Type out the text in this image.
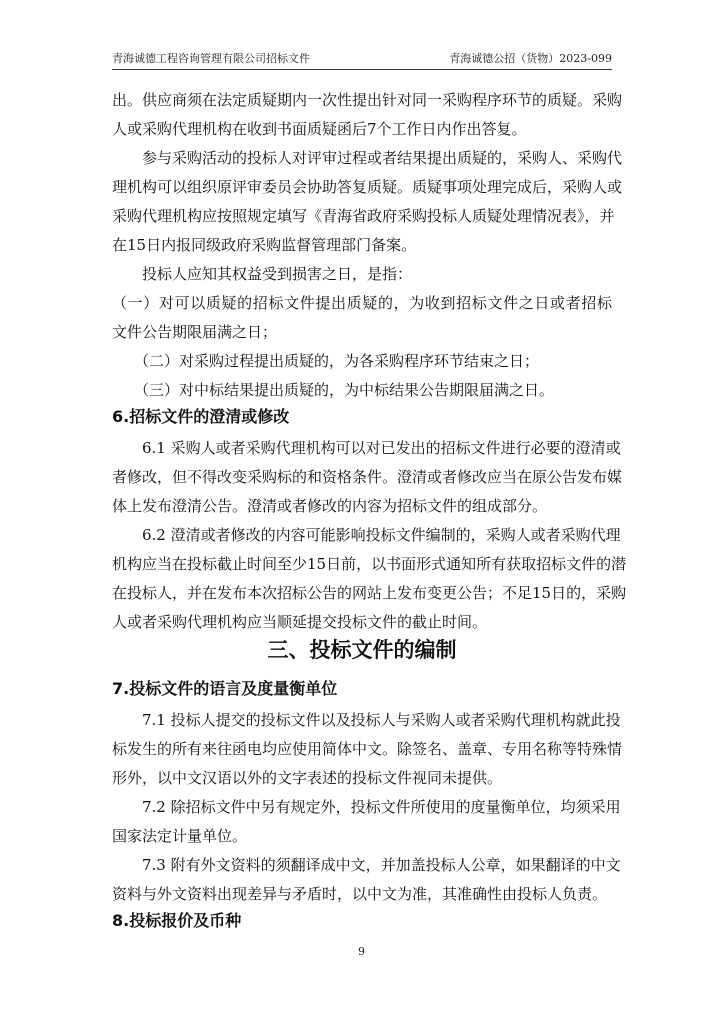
青海诚德工程咨询管理有限公司招标文件	青海诚德公招（货物）2023-099
出。供应商须在法定质疑期内一次性提出针对同一采购程序环节的质疑。采购
人或采购代理机构在收到书面质疑函后7个工作日内作出答复。
参与采购活动的投标人对评审过程或者结果提出质疑的，采购人、采购代
理机构可以组织原评审委员会协助答复质疑。质疑事项处理完成后，采购人或
采购代理机构应按照规定填写《青海省政府采购投标人质疑处理情况表》，并
在15日内报同级政府采购监督管理部门备案。
投标人应知其权益受到损害之日，是指：
（一）对可以质疑的招标文件提出质疑的，为收到招标文件之日或者招标
文件公告期限届满之日；
（二）对采购过程提出质疑的，为各采购程序环节结束之日；
（三）对中标结果提出质疑的，为中标结果公告期限届满之日。
6.招标文件的澄清或修改
6.1 采购人或者采购代理机构可以对已发出的招标文件进行必要的澄清或
者修改，但不得改变采购标的和资格条件。澄清或者修改应当在原公告发布媒
体上发布澄清公告。澄清或者修改的内容为招标文件的组成部分。
6.2 澄清或者修改的内容可能影响投标文件编制的，采购人或者采购代理
机构应当在投标截止时间至少15日前，以书面形式通知所有获取招标文件的潜
在投标人，并在发布本次招标公告的网站上发布变更公告；不足15日的，采购
人或者采购代理机构应当顺延提交投标文件的截止时间。
三、投标文件的编制
7.投标文件的语言及度量衡单位
7.1 投标人提交的投标文件以及投标人与采购人或者采购代理机构就此投
标发生的所有来往函电均应使用简体中文。除签名、盖章、专用名称等特殊情
形外，以中文汉语以外的文字表述的投标文件视同未提供。
7.2 除招标文件中另有规定外，投标文件所使用的度量衡单位，均须采用
国家法定计量单位。
7.3 附有外文资料的须翻译成中文，并加盖投标人公章，如果翻译的中文
资料与外文资料出现差异与矛盾时，以中文为准，其准确性由投标人负责。
8.投标报价及币种
9
